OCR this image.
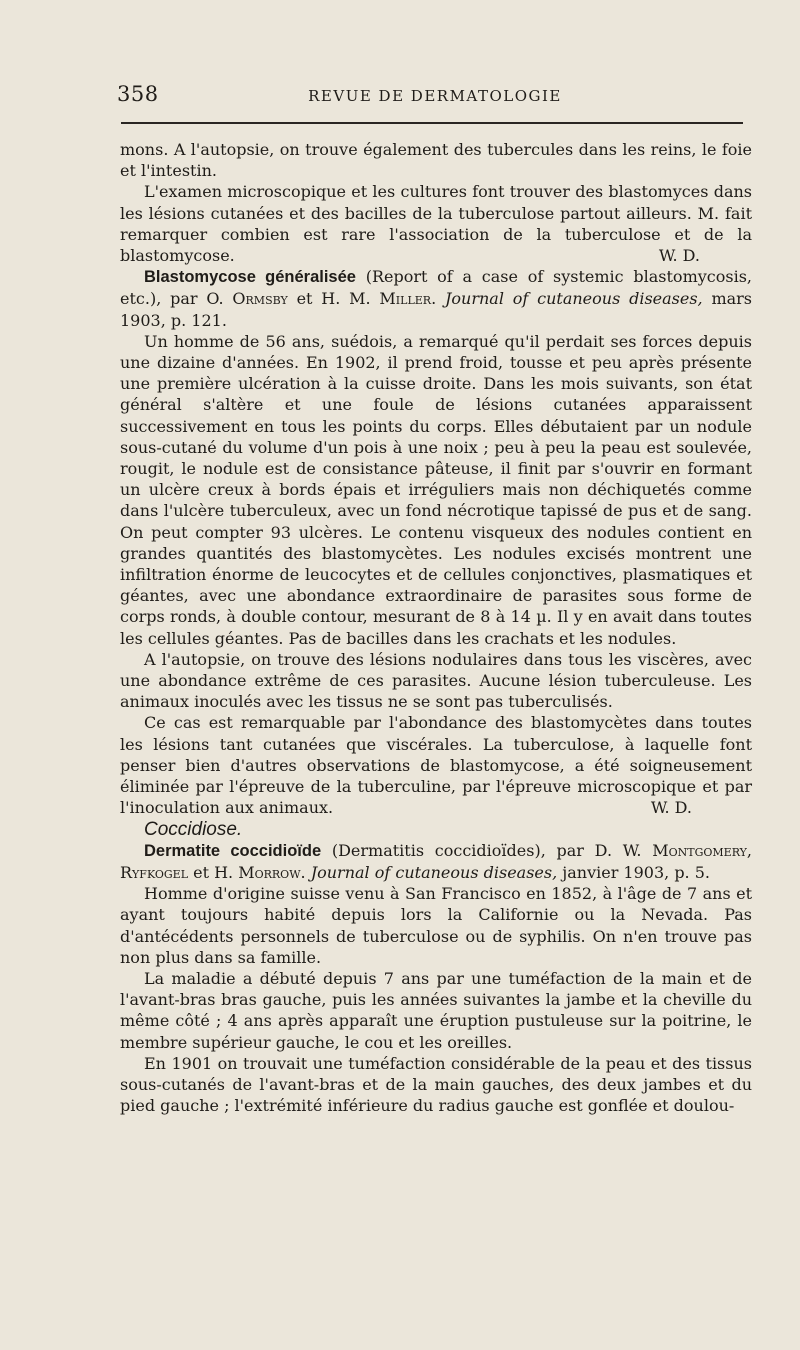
358	REVUE DE DERMATOLOGIE

mons. A l'autopsie, on trouve également des tubercules dans les reins, le foie et l'intestin.

L'examen microscopique et les cultures font trouver des blastomyces dans les lésions cutanées et des bacilles de la tuberculose partout ailleurs. M. fait remarquer combien est rare l'association de la tuberculose et de la blastomycose.	W. D.

Blastomycose généralisée (Report of a case of systemic blastomycosis, etc.), par O. Ormsby et H. M. Miller. Journal of cutaneous diseases, mars 1903, p. 121.

Un homme de 56 ans, suédois, a remarqué qu'il perdait ses forces depuis une dizaine d'années. En 1902, il prend froid, tousse et peu après présente une première ulcération à la cuisse droite. Dans les mois suivants, son état général s'altère et une foule de lésions cutanées apparaissent successivement en tous les points du corps. Elles débutaient par un nodule sous-cutané du volume d'un pois à une noix ; peu à peu la peau est soulevée, rougit, le nodule est de consistance pâteuse, il finit par s'ouvrir en formant un ulcère creux à bords épais et irréguliers mais non déchiquetés comme dans l'ulcère tuberculeux, avec un fond nécrotique tapissé de pus et de sang. On peut compter 93 ulcères. Le contenu visqueux des nodules contient en grandes quantités des blastomycètes. Les nodules excisés montrent une infiltration énorme de leucocytes et de cellules conjonctives, plasmatiques et géantes, avec une abondance extraordinaire de parasites sous forme de corps ronds, à double contour, mesurant de 8 à 14 µ. Il y en avait dans toutes les cellules géantes. Pas de bacilles dans les crachats et les nodules.

A l'autopsie, on trouve des lésions nodulaires dans tous les viscères, avec une abondance extrême de ces parasites. Aucune lésion tuberculeuse. Les animaux inoculés avec les tissus ne se sont pas tuberculisés.

Ce cas est remarquable par l'abondance des blastomycètes dans toutes les lésions tant cutanées que viscérales. La tuberculose, à laquelle font penser bien d'autres observations de blastomycose, a été soigneusement éliminée par l'épreuve de la tuberculine, par l'épreuve microscopique et par l'inoculation aux animaux.	W. D.

Coccidiose.

Dermatite coccidioïde (Dermatitis coccidioïdes), par D. W. Montgomery, Ryfkogel et H. Morrow. Journal of cutaneous diseases, janvier 1903, p. 5.

Homme d'origine suisse venu à San Francisco en 1852, à l'âge de 7 ans et ayant toujours habité depuis lors la Californie ou la Nevada. Pas d'antécédents personnels de tuberculose ou de syphilis. On n'en trouve pas non plus dans sa famille.

La maladie a débuté depuis 7 ans par une tuméfaction de la main et de l'avant-bras bras gauche, puis les années suivantes la jambe et la cheville du même côté ; 4 ans après apparaît une éruption pustuleuse sur la poitrine, le membre supérieur gauche, le cou et les oreilles.

En 1901 on trouvait une tuméfaction considérable de la peau et des tissus sous-cutanés de l'avant-bras et de la main gauches, des deux jambes et du pied gauche ; l'extrémité inférieure du radius gauche est gonflée et doulou-
